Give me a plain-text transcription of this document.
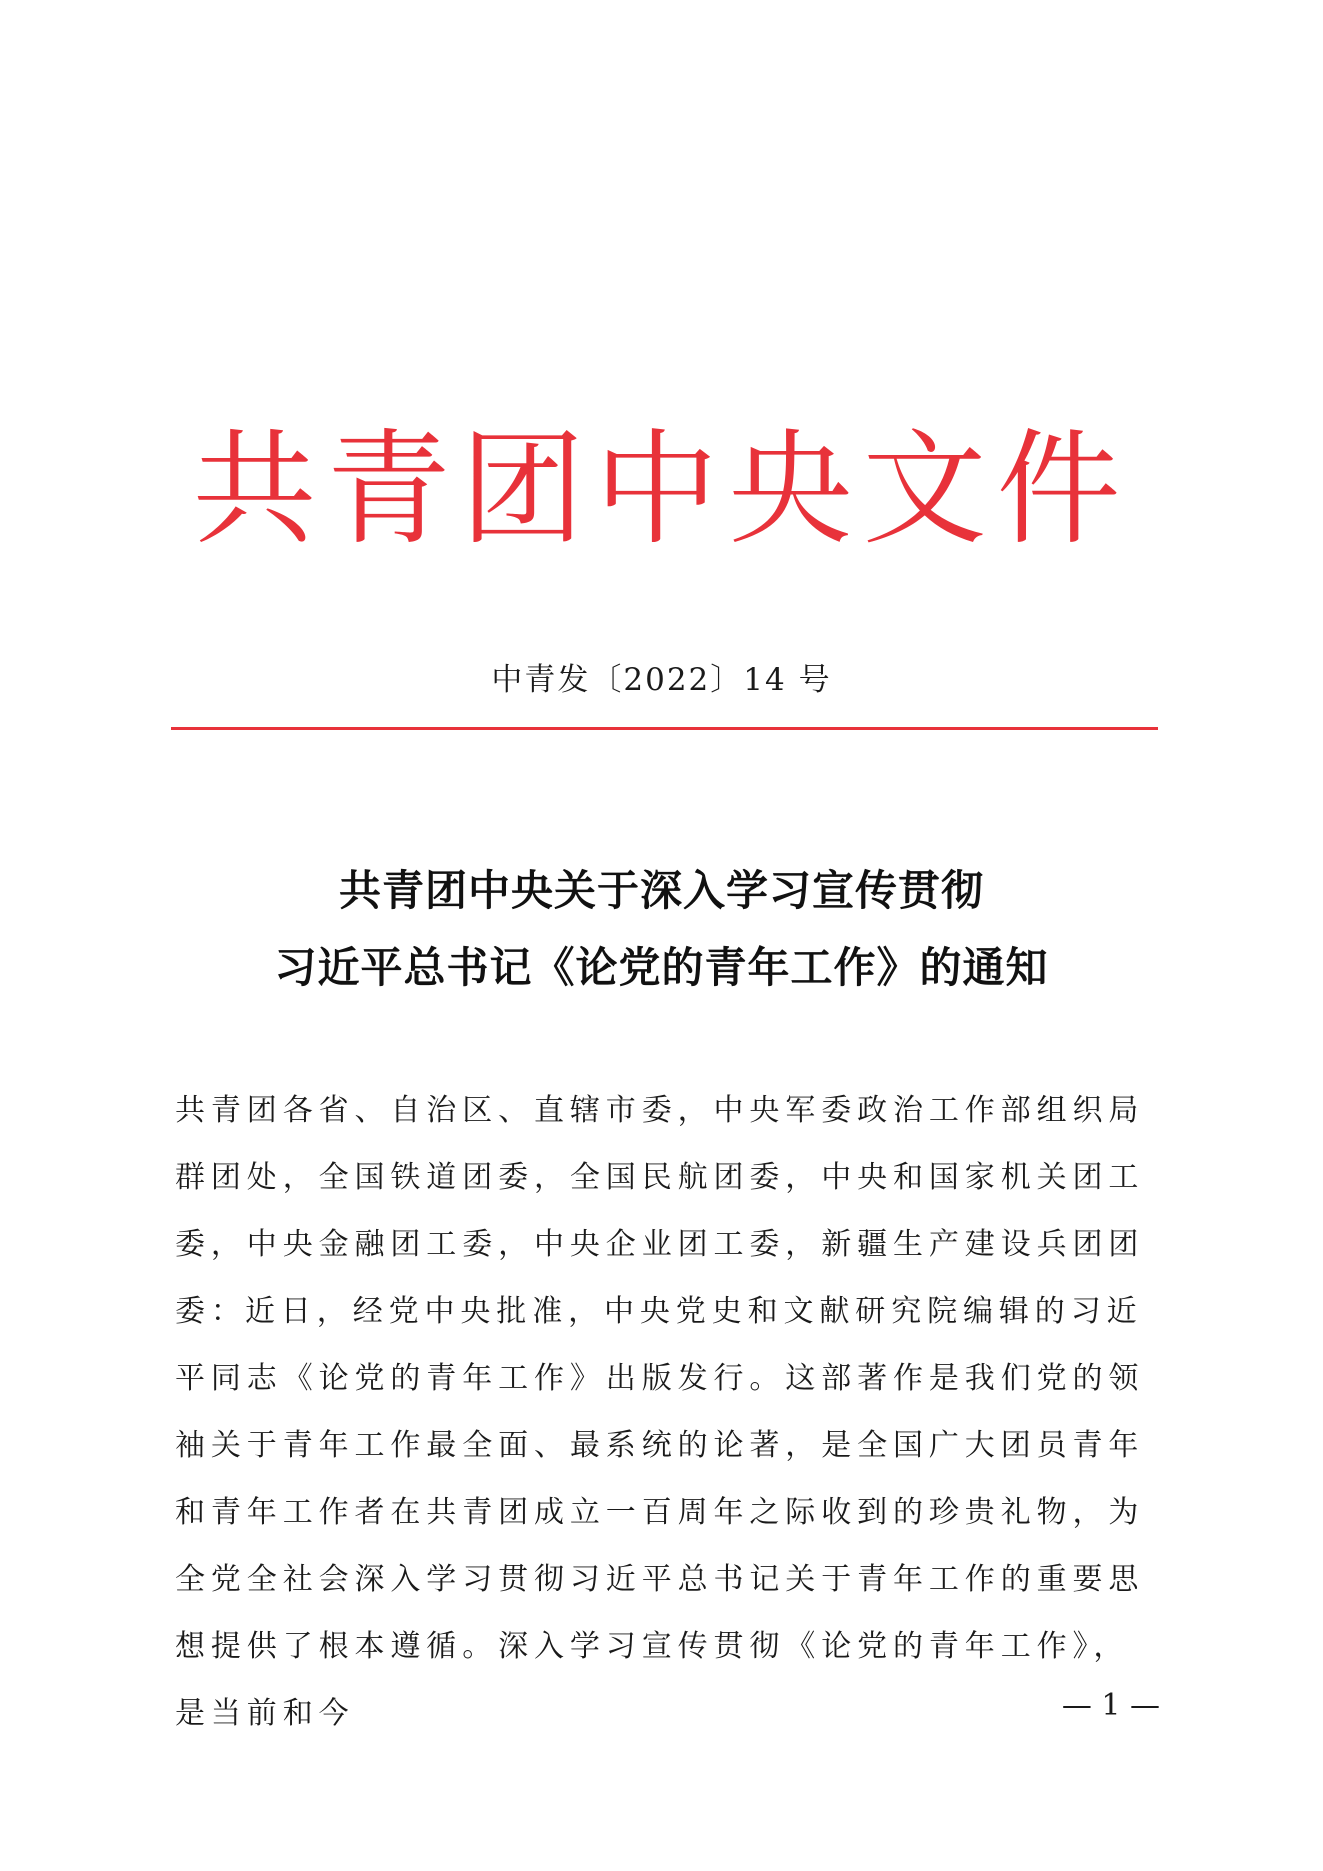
共青团中央文件
中青发〔2022〕14 号
共青团中央关于深入学习宣传贯彻
习近平总书记《论党的青年工作》的通知
共青团各省、自治区、直辖市委，中央军委政治工作部组织局群团处，全国铁道团委，全国民航团委，中央和国家机关团工委，中央金融团工委，中央企业团工委，新疆生产建设兵团团委：
近日，经党中央批准，中央党史和文献研究院编辑的习近平同志《论党的青年工作》出版发行。这部著作是我们党的领袖关于青年工作最全面、最系统的论著，是全国广大团员青年和青年工作者在共青团成立一百周年之际收到的珍贵礼物，为全党全社会深入学习贯彻习近平总书记关于青年工作的重要思想提供了根本遵循。深入学习宣传贯彻《论党的青年工作》，是当前和今	— 1 —
